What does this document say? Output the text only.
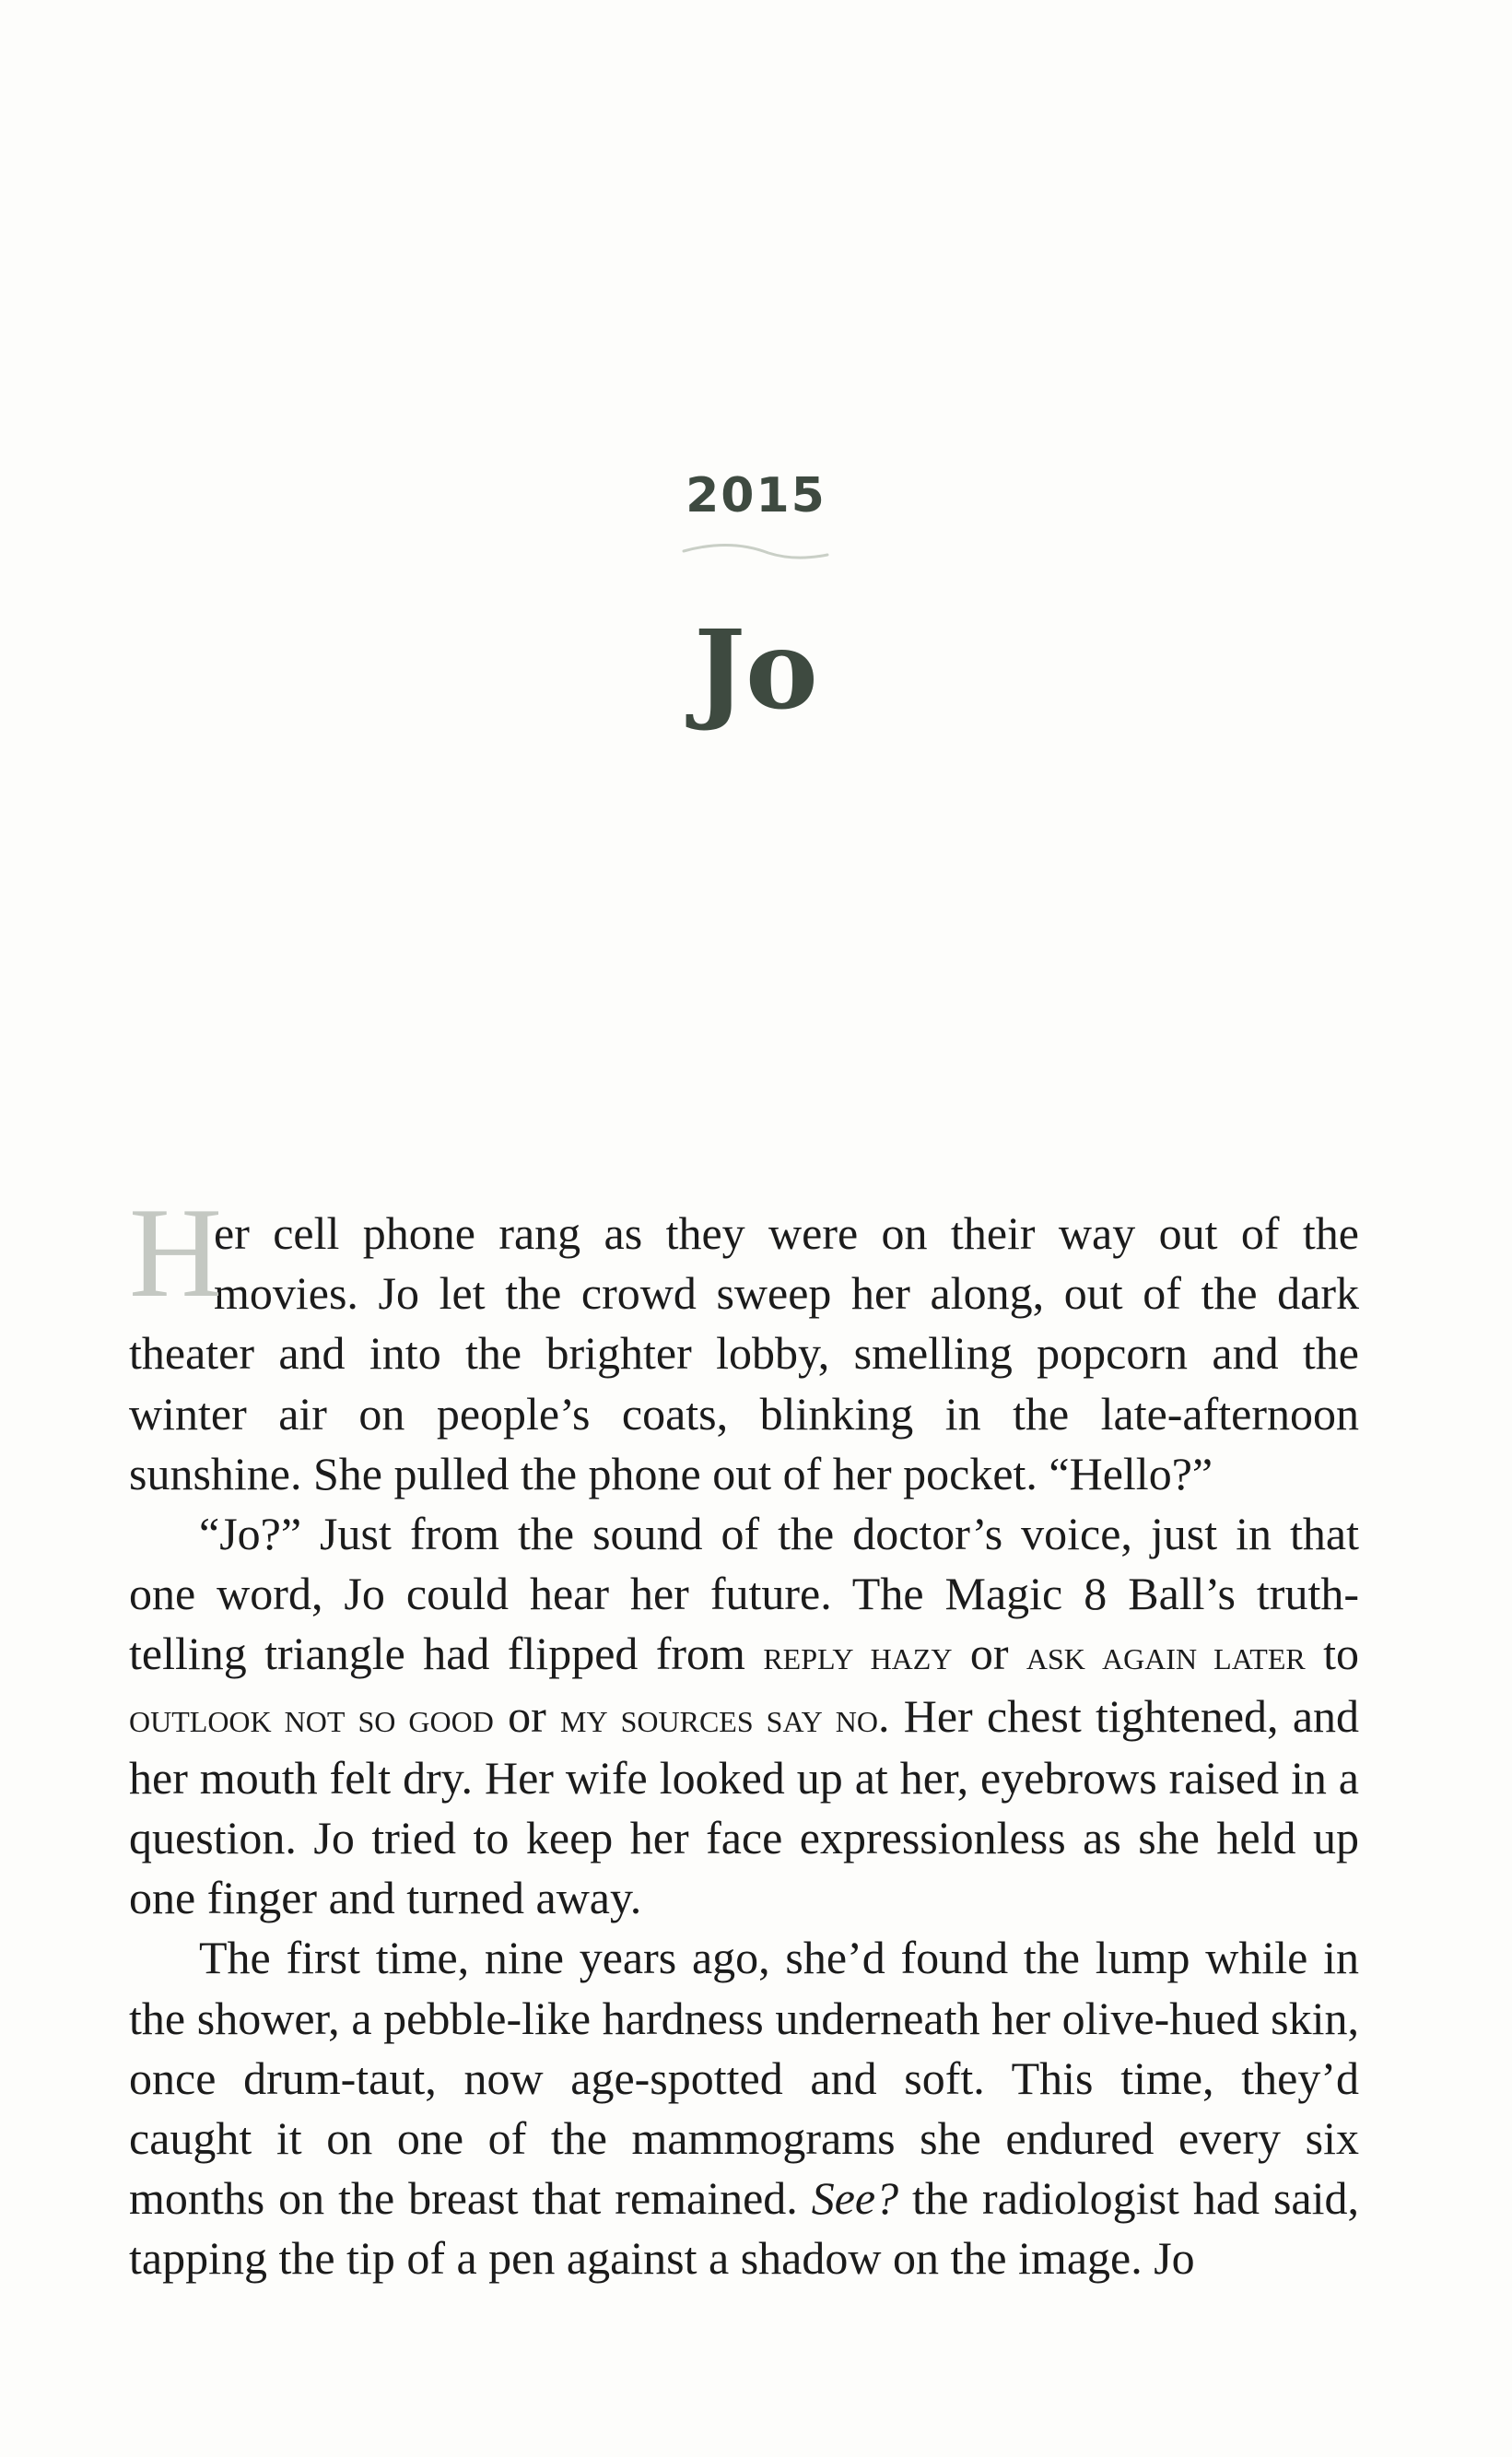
2015
Jo

H
er cell phone rang as they were on their way out of the movies. Jo let the crowd sweep her along, out of the dark theater and into the brighter lobby, smelling popcorn and the winter air on people’s coats, blinking in the late-afternoon sunshine. She pulled the phone out of her pocket. “Hello?”

“Jo?” Just from the sound of the doctor’s voice, just in that one word, Jo could hear her future. The Magic 8 Ball’s truth-telling triangle had flipped from reply hazy or ask again later to outlook not so good or my sources say no. Her chest tightened, and her mouth felt dry. Her wife looked up at her, eyebrows raised in a question. Jo tried to keep her face expressionless as she held up one finger and turned away.

The first time, nine years ago, she’d found the lump while in the shower, a pebble-like hardness underneath her olive-hued skin, once drum-taut, now age-spotted and soft. This time, they’d caught it on one of the mammograms she endured every six months on the breast that remained. See? the radiologist had said, tapping the tip of a pen against a shadow on the image. Jo
